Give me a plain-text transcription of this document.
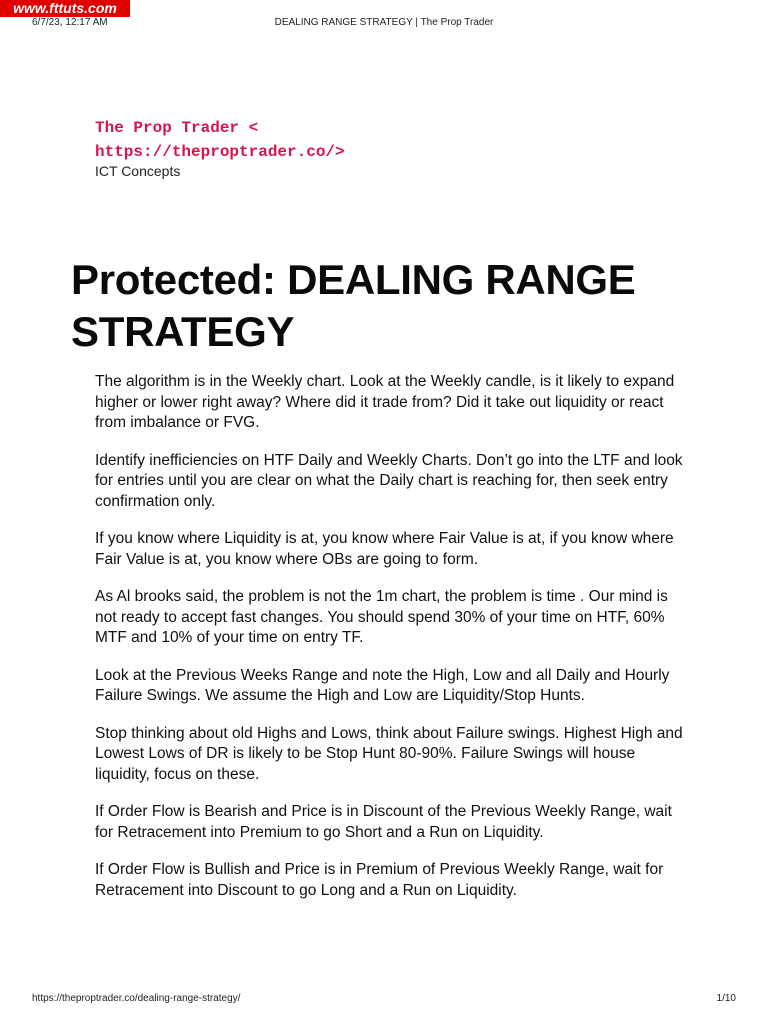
www.fttuts.com
6/7/23, 12:17 AM	DEALING RANGE STRATEGY | The Prop Trader
The Prop Trader <
https://theproptrader.co/>
ICT Concepts
Protected: DEALING RANGE STRATEGY

The algorithm is in the Weekly chart. Look at the Weekly candle, is it likely to expand higher or lower right away? Where did it trade from? Did it take out liquidity or react from imbalance or FVG.

Identify inefficiencies on HTF Daily and Weekly Charts. Don’t go into the LTF and look for entries until you are clear on what the Daily chart is reaching for, then seek entry confirmation only.

If you know where Liquidity is at, you know where Fair Value is at, if you know where Fair Value is at, you know where OBs are going to form.

As Al brooks said, the problem is not the 1m chart, the problem is time . Our mind is not ready to accept fast changes. You should spend 30% of your time on HTF, 60% MTF and 10% of your time on entry TF.

Look at the Previous Weeks Range and note the High, Low and all Daily and Hourly Failure Swings. We assume the High and Low are Liquidity/Stop Hunts.

Stop thinking about old Highs and Lows, think about Failure swings. Highest High and Lowest Lows of DR is likely to be Stop Hunt 80-90%. Failure Swings will house liquidity, focus on these.

If Order Flow is Bearish and Price is in Discount of the Previous Weekly Range, wait for Retracement into Premium to go Short and a Run on Liquidity.

If Order Flow is Bullish and Price is in Premium of Previous Weekly Range, wait for Retracement into Discount to go Long and a Run on Liquidity.

https://theproptrader.co/dealing-range-strategy/	1/10
